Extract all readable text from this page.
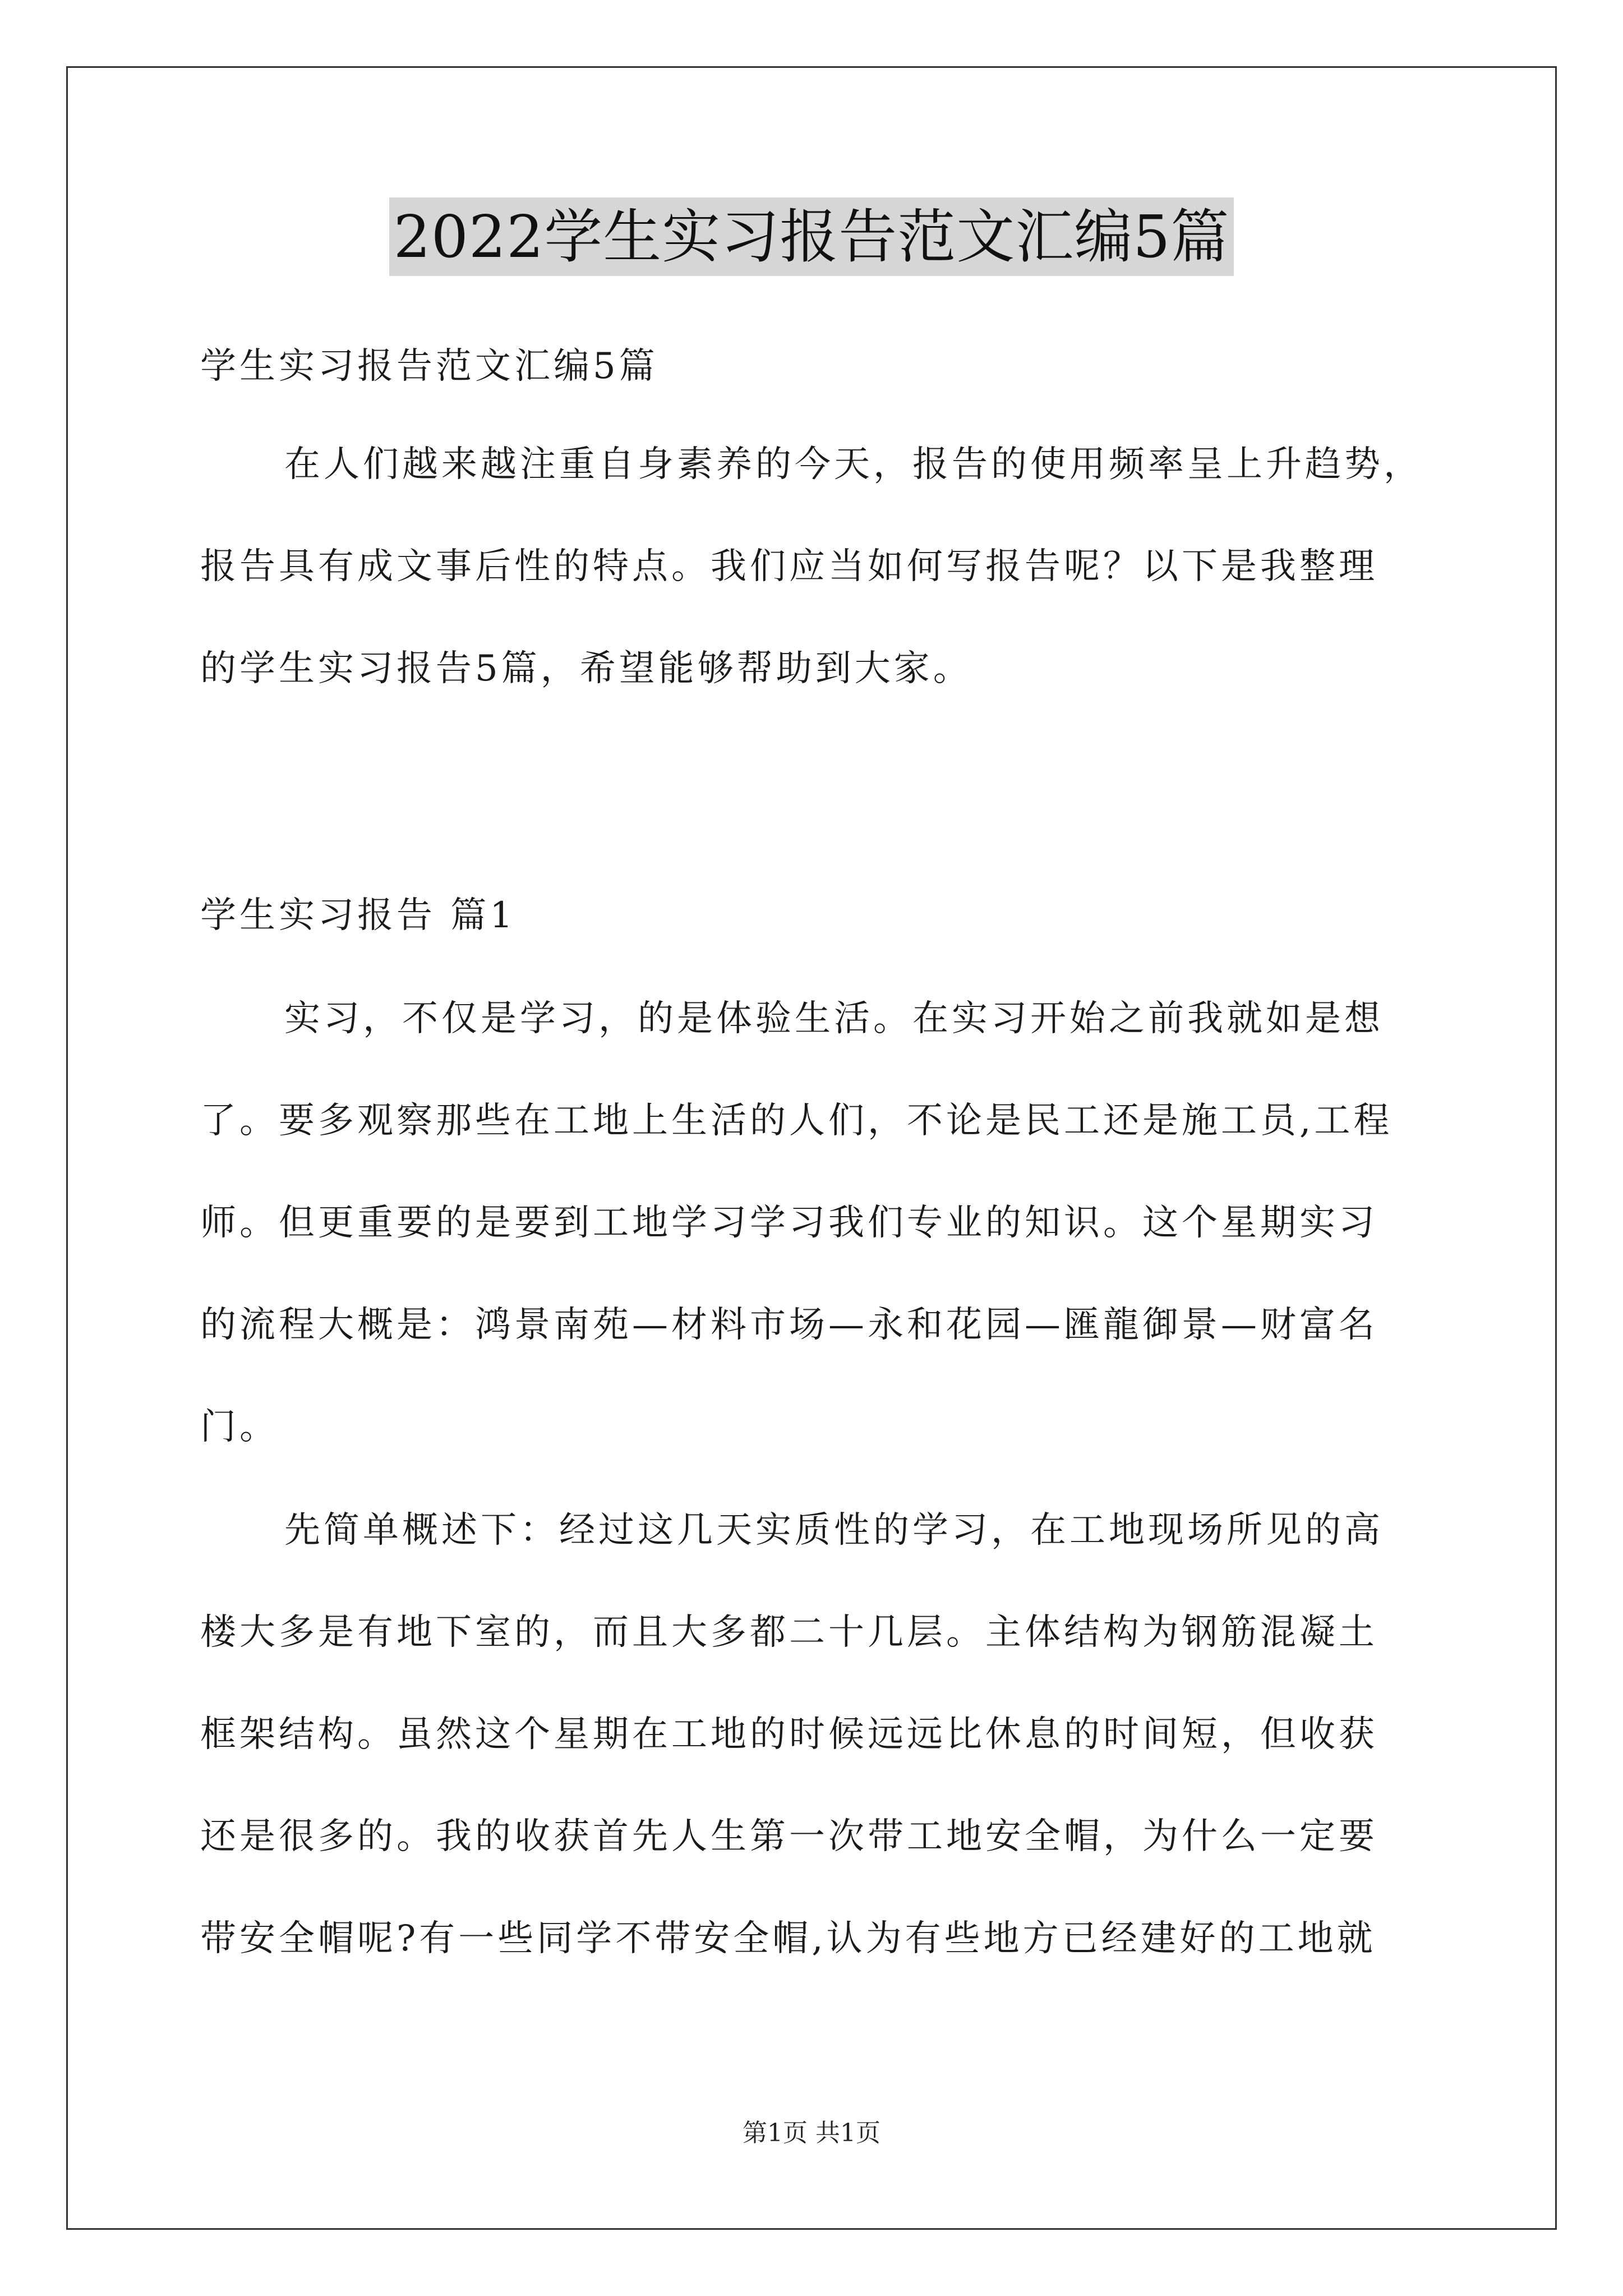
2022学生实习报告范文汇编5篇
学生实习报告范文汇编5篇
在人们越来越注重自身素养的今天，报告的使用频率呈上升趋势，
报告具有成文事后性的特点。我们应当如何写报告呢？以下是我整理
的学生实习报告5篇，希望能够帮助到大家。
学生实习报告 篇1
实习，不仅是学习，的是体验生活。在实习开始之前我就如是想
了。要多观察那些在工地上生活的人们，不论是民工还是施工员,工程
师。但更重要的是要到工地学习学习我们专业的知识。这个星期实习
的流程大概是：鸿景南苑—材料市场—永和花园—匯龍御景—财富名
门。
先简单概述下：经过这几天实质性的学习，在工地现场所见的高
楼大多是有地下室的，而且大多都二十几层。主体结构为钢筋混凝土
框架结构。虽然这个星期在工地的时候远远比休息的时间短，但收获
还是很多的。我的收获首先人生第一次带工地安全帽，为什么一定要
带安全帽呢?有一些同学不带安全帽,认为有些地方已经建好的工地就
第1页 共1页
